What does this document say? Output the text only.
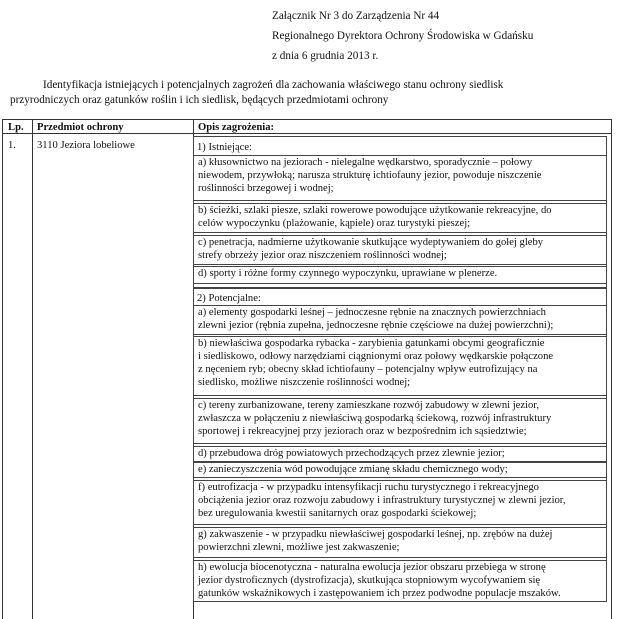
Załącznik Nr 3 do Zarządzenia Nr 44
Regionalnego Dyrektora Ochrony Środowiska w Gdańsku
z dnia 6 grudnia 2013 r.
Identyfikacja istniejących i potencjalnych zagrożeń dla zachowania właściwego stanu ochrony siedlisk
przyrodniczych oraz gatunków roślin i ich siedlisk, będących przedmiotami ochrony
Lp. Przedmiot ochrony	Opis zagrożenia:
1. 3110 Jeziora lobeliowe	1) Istniejące:
a) kłusownictwo na jeziorach - nielegalne wędkarstwo, sporadycznie – połowy
niewodem, przywłoką; narusza strukturę ichtiofauny jezior, powoduje niszczenie
roślinności brzegowej i wodnej;
b) ścieżki, szlaki piesze, szlaki rowerowe powodujące użytkowanie rekreacyjne, do
celów wypoczynku (plażowanie, kąpiele) oraz turystyki pieszej;
c) penetracja, nadmierne użytkowanie skutkujące wydeptywaniem do gołej gleby
strefy obrzeży jezior oraz niszczeniem roślinności wodnej;
d) sporty i różne formy czynnego wypoczynku, uprawiane w plenerze.
2) Potencjalne:
a) elementy gospodarki leśnej – jednoczesne rębnie na znacznych powierzchniach
zlewni jezior (rębnia zupełna, jednoczesne rębnie częściowe na dużej powierzchni);
b) niewłaściwa gospodarka rybacka - zarybienia gatunkami obcymi geograficznie
i siedliskowo, odłowy narzędziami ciągnionymi oraz połowy wędkarskie połączone
z nęceniem ryb; obecny skład ichtiofauny – potencjalny wpływ eutrofizujący na
siedlisko, możliwe niszczenie roślinności wodnej;
c) tereny zurbanizowane, tereny zamieszkane rozwój zabudowy w zlewni jezior,
zwłaszcza w połączeniu z niewłaściwą gospodarką ściekową, rozwój infrastruktury
sportowej i rekreacyjnej przy jeziorach oraz w bezpośrednim ich sąsiedztwie;
d) przebudowa dróg powiatowych przechodzących przez zlewnie jezior;
e) zanieczyszczenia wód powodujące zmianę składu chemicznego wody;
f) eutrofizacja - w przypadku intensyfikacji ruchu turystycznego i rekreacyjnego
obciążenia jezior oraz rozwoju zabudowy i infrastruktury turystycznej w zlewni jezior,
bez uregulowania kwestii sanitarnych oraz gospodarki ściekowej;
g) zakwaszenie - w przypadku niewłaściwej gospodarki leśnej, np. zrębów na dużej
powierzchni zlewni, możliwe jest zakwaszenie;
h) ewolucja biocenotyczna - naturalna ewolucja jezior obszaru przebiega w stronę
jezior dystroficznych (dystrofizacja), skutkująca stopniowym wycofywaniem się
gatunków wskaźnikowych i zastępowaniem ich przez podwodne populacje mszaków.
